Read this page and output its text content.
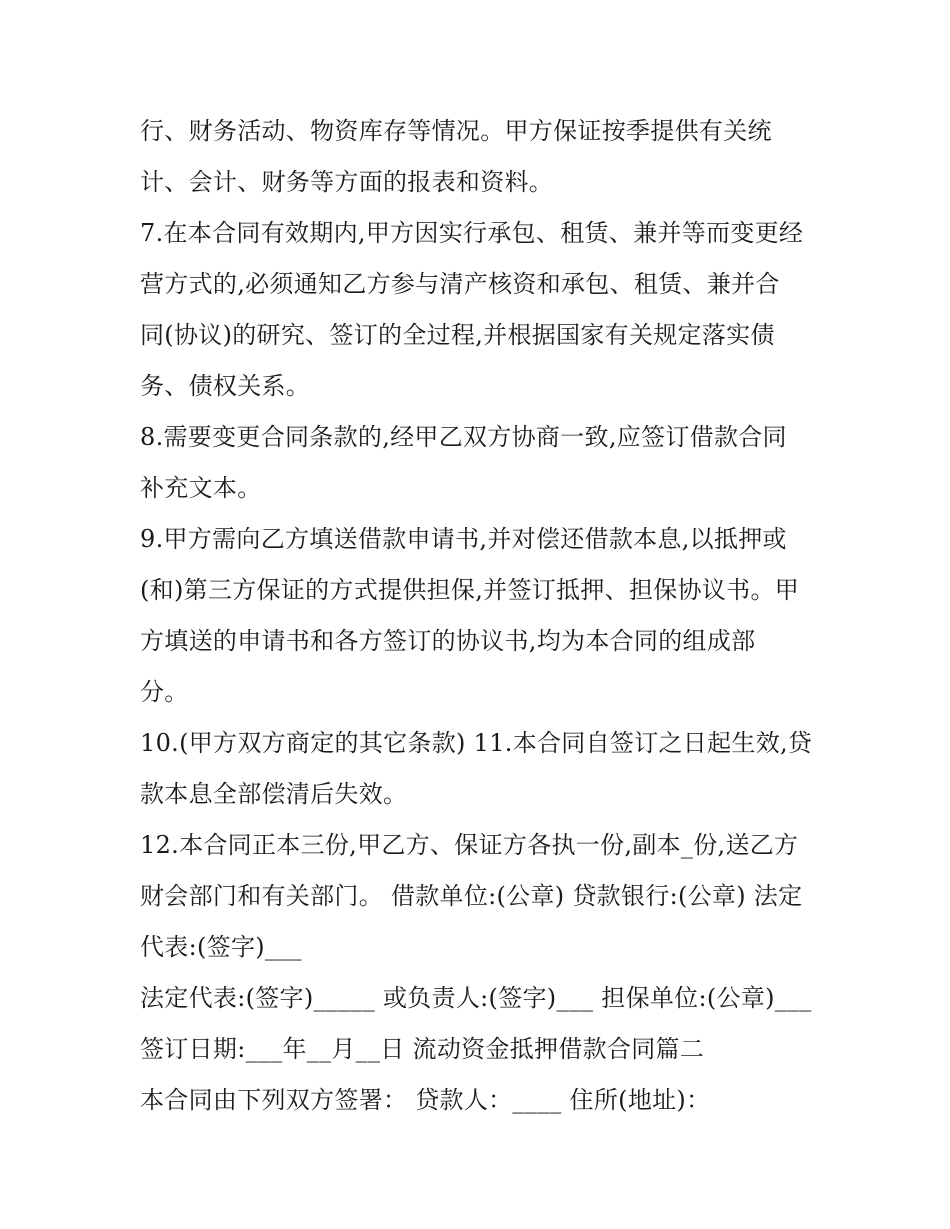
行、财务活动、物资库存等情况。甲方保证按季提供有关统
计、会计、财务等方面的报表和资料。
7.在本合同有效期内,甲方因实行承包、租赁、兼并等而变更经
营方式的,必须通知乙方参与清产核资和承包、租赁、兼并合
同(协议)的研究、签订的全过程,并根据国家有关规定落实债
务、债权关系。
8.需要变更合同条款的,经甲乙双方协商一致,应签订借款合同
补充文本。
9.甲方需向乙方填送借款申请书,并对偿还借款本息,以抵押或
(和)第三方保证的方式提供担保,并签订抵押、担保协议书。甲
方填送的申请书和各方签订的协议书,均为本合同的组成部
分。
10.(甲方双方商定的其它条款) 11.本合同自签订之日起生效,贷
款本息全部偿清后失效。
12.本合同正本三份,甲乙方、保证方各执一份,副本_份,送乙方
财会部门和有关部门。 借款单位:(公章) 贷款银行:(公章) 法定
代表:(签字)___
法定代表:(签字)_____ 或负责人:(签字)___ 担保单位:(公章)___
签订日期:___年__月__日 流动资金抵押借款合同篇二
本合同由下列双方签署： 贷款人：____ 住所(地址)：
